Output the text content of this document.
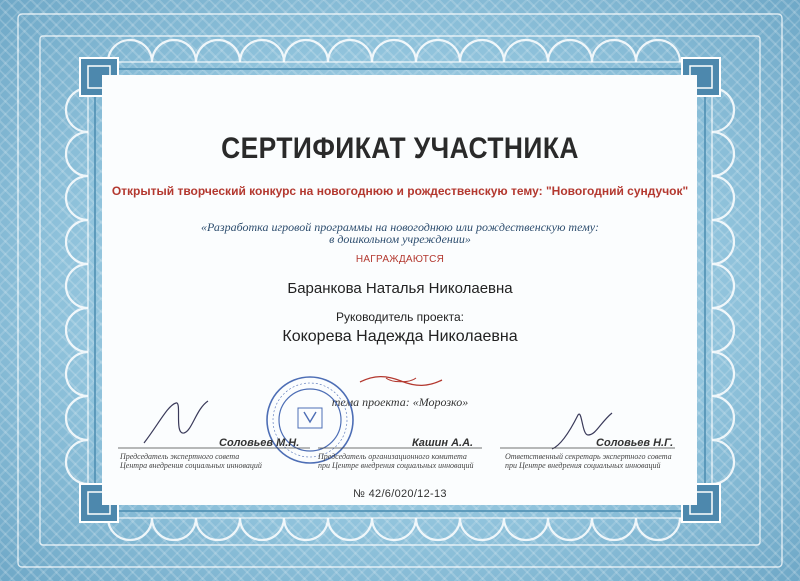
СЕРТИФИКАТ УЧАСТНИКА
Открытый творческий конкурс на новогоднюю и рождественскую тему: "Новогодний сундучок"
«Разработка игровой программы на новогоднюю или рождественскую тему:
в дошкольном учреждении»
НАГРАЖДАЮТСЯ
Баранкова Наталья Николаевна
Руководитель проекта:
Кокорева Надежда Николаевна
тема проекта: «Морозко»
Соловьев М.Н.	Кашин А.А.	Соловьев Н.Г.
Председатель экспертного совета
Центра внедрения социальных инноваций
Председатель организационного комитета
при Центре внедрения социальных инноваций
Ответственный секретарь экспертного совета
при Центре внедрения социальных инноваций
№ 42/6/020/12-13
